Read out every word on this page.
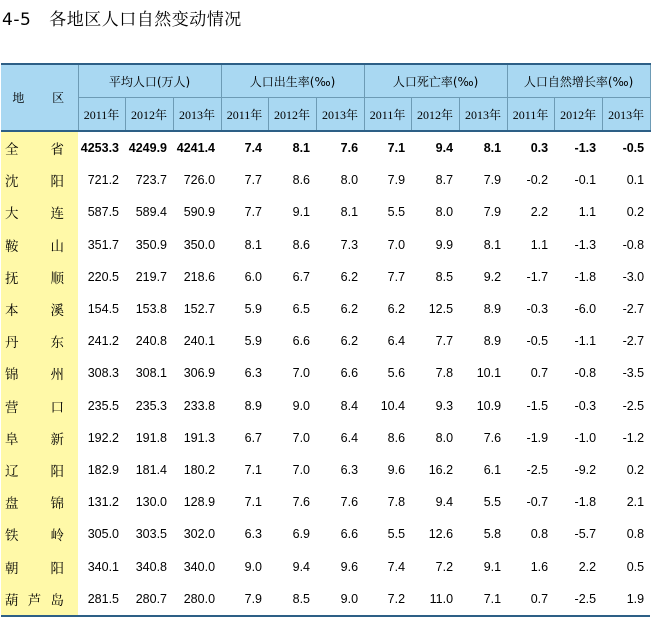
4-5 各地区人口自然变动情况
地 区	平均人口(万人)			人口出生率(‰)			人口死亡率(‰)			人口自然增长率(‰)		
	2011年	2012年	2013年	2011年	2012年	2013年	2011年	2012年	2013年	2011年	2012年	2013年

全 省	4253.3	4249.9	4241.4	7.4	8.1	7.6	7.1	9.4	8.1	0.3	-1.3	-0.5

沈 阳	721.2	723.7	726.0	7.7	8.6	8.0	7.9	8.7	7.9	-0.2	-0.1	0.1

大 连	587.5	589.4	590.9	7.7	9.1	8.1	5.5	8.0	7.9	2.2	1.1	0.2

鞍 山	351.7	350.9	350.0	8.1	8.6	7.3	7.0	9.9	8.1	1.1	-1.3	-0.8

抚 顺	220.5	219.7	218.6	6.0	6.7	6.2	7.7	8.5	9.2	-1.7	-1.8	-3.0

本 溪	154.5	153.8	152.7	5.9	6.5	6.2	6.2	12.5	8.9	-0.3	-6.0	-2.7

丹 东	241.2	240.8	240.1	5.9	6.6	6.2	6.4	7.7	8.9	-0.5	-1.1	-2.7

锦 州	308.3	308.1	306.9	6.3	7.0	6.6	5.6	7.8	10.1	0.7	-0.8	-3.5

营 口	235.5	235.3	233.8	8.9	9.0	8.4	10.4	9.3	10.9	-1.5	-0.3	-2.5

阜 新	192.2	191.8	191.3	6.7	7.0	6.4	8.6	8.0	7.6	-1.9	-1.0	-1.2

辽 阳	182.9	181.4	180.2	7.1	7.0	6.3	9.6	16.2	6.1	-2.5	-9.2	0.2

盘 锦	131.2	130.0	128.9	7.1	7.6	7.6	7.8	9.4	5.5	-0.7	-1.8	2.1

铁 岭	305.0	303.5	302.0	6.3	6.9	6.6	5.5	12.6	5.8	0.8	-5.7	0.8

朝 阳	340.1	340.8	340.0	9.0	9.4	9.6	7.4	7.2	9.1	1.6	2.2	0.5

葫 芦 岛	281.5	280.7	280.0	7.9	8.5	9.0	7.2	11.0	7.1	0.7	-2.5	1.9
